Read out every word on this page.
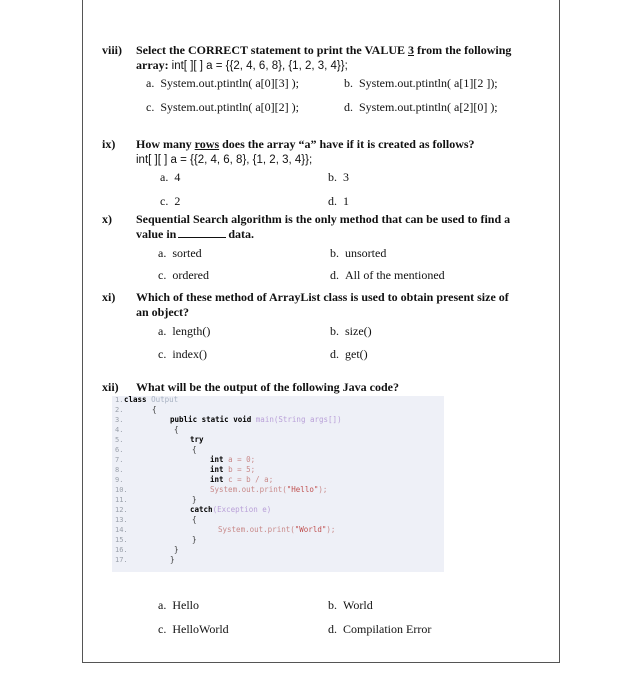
viii) Select the CORRECT statement to print the VALUE 3 from the following
array: int[ ][ ] a = {{2, 4, 6, 8}, {1, 2, 3, 4}};
a. System.out.ptintln( a[0][3] );	b. System.out.ptintln( a[1][2 ]);
c. System.out.ptintln( a[0][2] );	d. System.out.ptintln( a[2][0] );
ix) How many rows does the array “a” have if it is created as follows?
int[ ][ ] a = {{2, 4, 6, 8}, {1, 2, 3, 4}};
a. 4	b. 3
c. 2	d. 1
x) Sequential Search algorithm is the only method that can be used to find a
value in	data.
a. sorted	b. unsorted
c. ordered	d. All of the mentioned
xi) Which of these method of ArrayList class is used to obtain present size of
an object?
a. length()	b. size()
c. index()	d. get()
xii) What will be the output of the following Java code?
1.
2.
3.
4.
5.
6.
7.
8.
9.
10.
11.
12.
13.
14.
15.
16.
17.
class Output
{
public static void main(String args[])
{
try
{
int a = 0;
int b = 5;
int c = b / a;
System.out.print("Hello");
}
catch(Exception e)
{
System.out.print("World");
}
}
}
a. Hello	b. World
c. HelloWorld	d. Compilation Error
